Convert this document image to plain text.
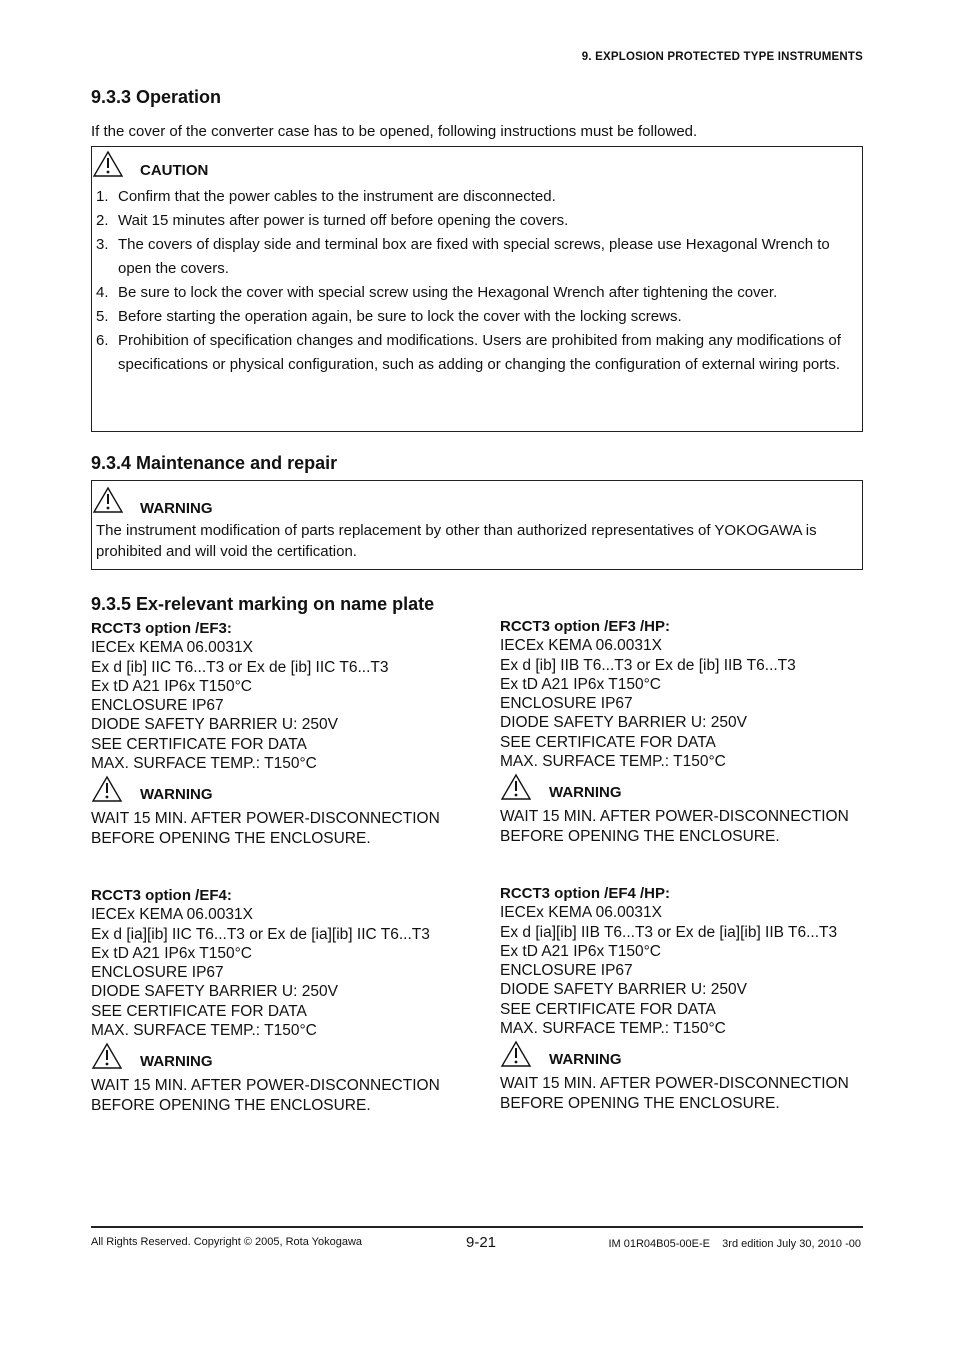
9. EXPLOSION PROTECTED TYPE INSTRUMENTS
9.3.3 Operation
If the cover of the converter case has to be opened, following instructions must be followed.
CAUTION
1. Confirm that the power cables to the instrument are disconnected.
2. Wait 15 minutes after power is turned off before opening the covers.
3. The covers of display side and terminal box are fixed with special screws, please use Hexagonal Wrench to open the covers.
4. Be sure to lock the cover with special screw using the Hexagonal Wrench after tightening the cover.
5. Before starting the operation again, be sure to lock the cover with the locking screws.
6. Prohibition of specification changes and modifications. Users are prohibited from making any modifications of specifications or physical configuration, such as adding or changing the configuration of external wiring ports.
9.3.4 Maintenance and repair
WARNING
The instrument modification of parts replacement by other than authorized representatives of YOKOGAWA is prohibited and will void the certification.
9.3.5 Ex-relevant marking on name plate
RCCT3 option /EF3:
IECEx KEMA 06.0031X
Ex d [ib] IIC T6...T3 or Ex de [ib] IIC T6...T3
Ex tD A21 IP6x T150°C
ENCLOSURE IP67
DIODE SAFETY BARRIER U: 250V
SEE CERTIFICATE FOR DATA
MAX. SURFACE TEMP.: T150°C
WARNING
WAIT 15 MIN. AFTER POWER-DISCONNECTION
BEFORE OPENING THE ENCLOSURE.
RCCT3 option /EF3 /HP:
IECEx KEMA 06.0031X
Ex d [ib] IIB T6...T3 or Ex de [ib] IIB T6...T3
Ex tD A21 IP6x T150°C
ENCLOSURE IP67
DIODE SAFETY BARRIER U: 250V
SEE CERTIFICATE FOR DATA
MAX. SURFACE TEMP.: T150°C
WARNING
WAIT 15 MIN. AFTER POWER-DISCONNECTION
BEFORE OPENING THE ENCLOSURE.
RCCT3 option /EF4:
IECEx KEMA 06.0031X
Ex d [ia][ib] IIC T6...T3 or Ex de [ia][ib] IIC T6...T3
Ex tD A21 IP6x T150°C
ENCLOSURE IP67
DIODE SAFETY BARRIER U: 250V
SEE CERTIFICATE FOR DATA
MAX. SURFACE TEMP.: T150°C
WARNING
WAIT 15 MIN. AFTER POWER-DISCONNECTION
BEFORE OPENING THE ENCLOSURE.
RCCT3 option /EF4 /HP:
IECEx KEMA 06.0031X
Ex d [ia][ib] IIB T6...T3 or Ex de [ia][ib] IIB T6...T3
Ex tD A21 IP6x T150°C
ENCLOSURE IP67
DIODE SAFETY BARRIER U: 250V
SEE CERTIFICATE FOR DATA
MAX. SURFACE TEMP.: T150°C
WARNING
WAIT 15 MIN. AFTER POWER-DISCONNECTION
BEFORE OPENING THE ENCLOSURE.
All Rights Reserved. Copyright © 2005, Rota Yokogawa	9-21	IM 01R04B05-00E-E    3rd edition July 30, 2010 -00
